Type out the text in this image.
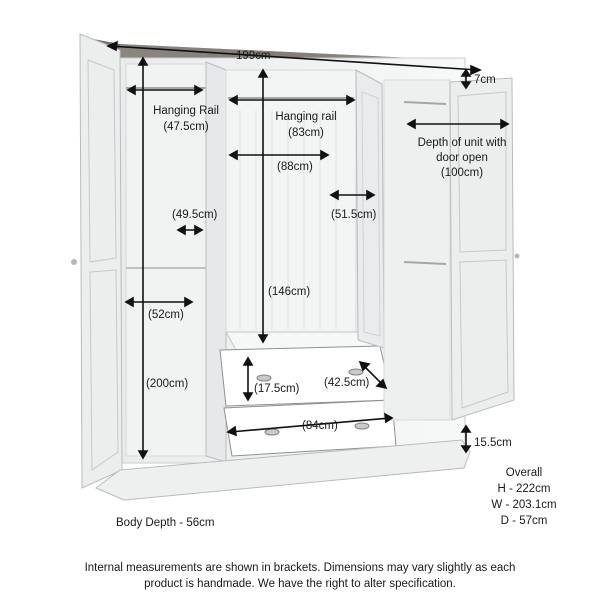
199cm
7cm
Hanging Rail
(47.5cm)
Hanging rail
(83cm)
Depth of unit with
door open
(100cm)
(88cm)
(49.5cm)	(51.5cm)
(146cm)
(52cm)
(200cm)	(17.5cm) (42.5cm)
(84cm)
15.5cm
Body Depth - 56cm
Overall
H - 222cm
W - 203.1cm
D - 57cm
Internal measurements are shown in brackets. Dimensions may vary slightly as each
product is handmade. We have the right to alter specification.
